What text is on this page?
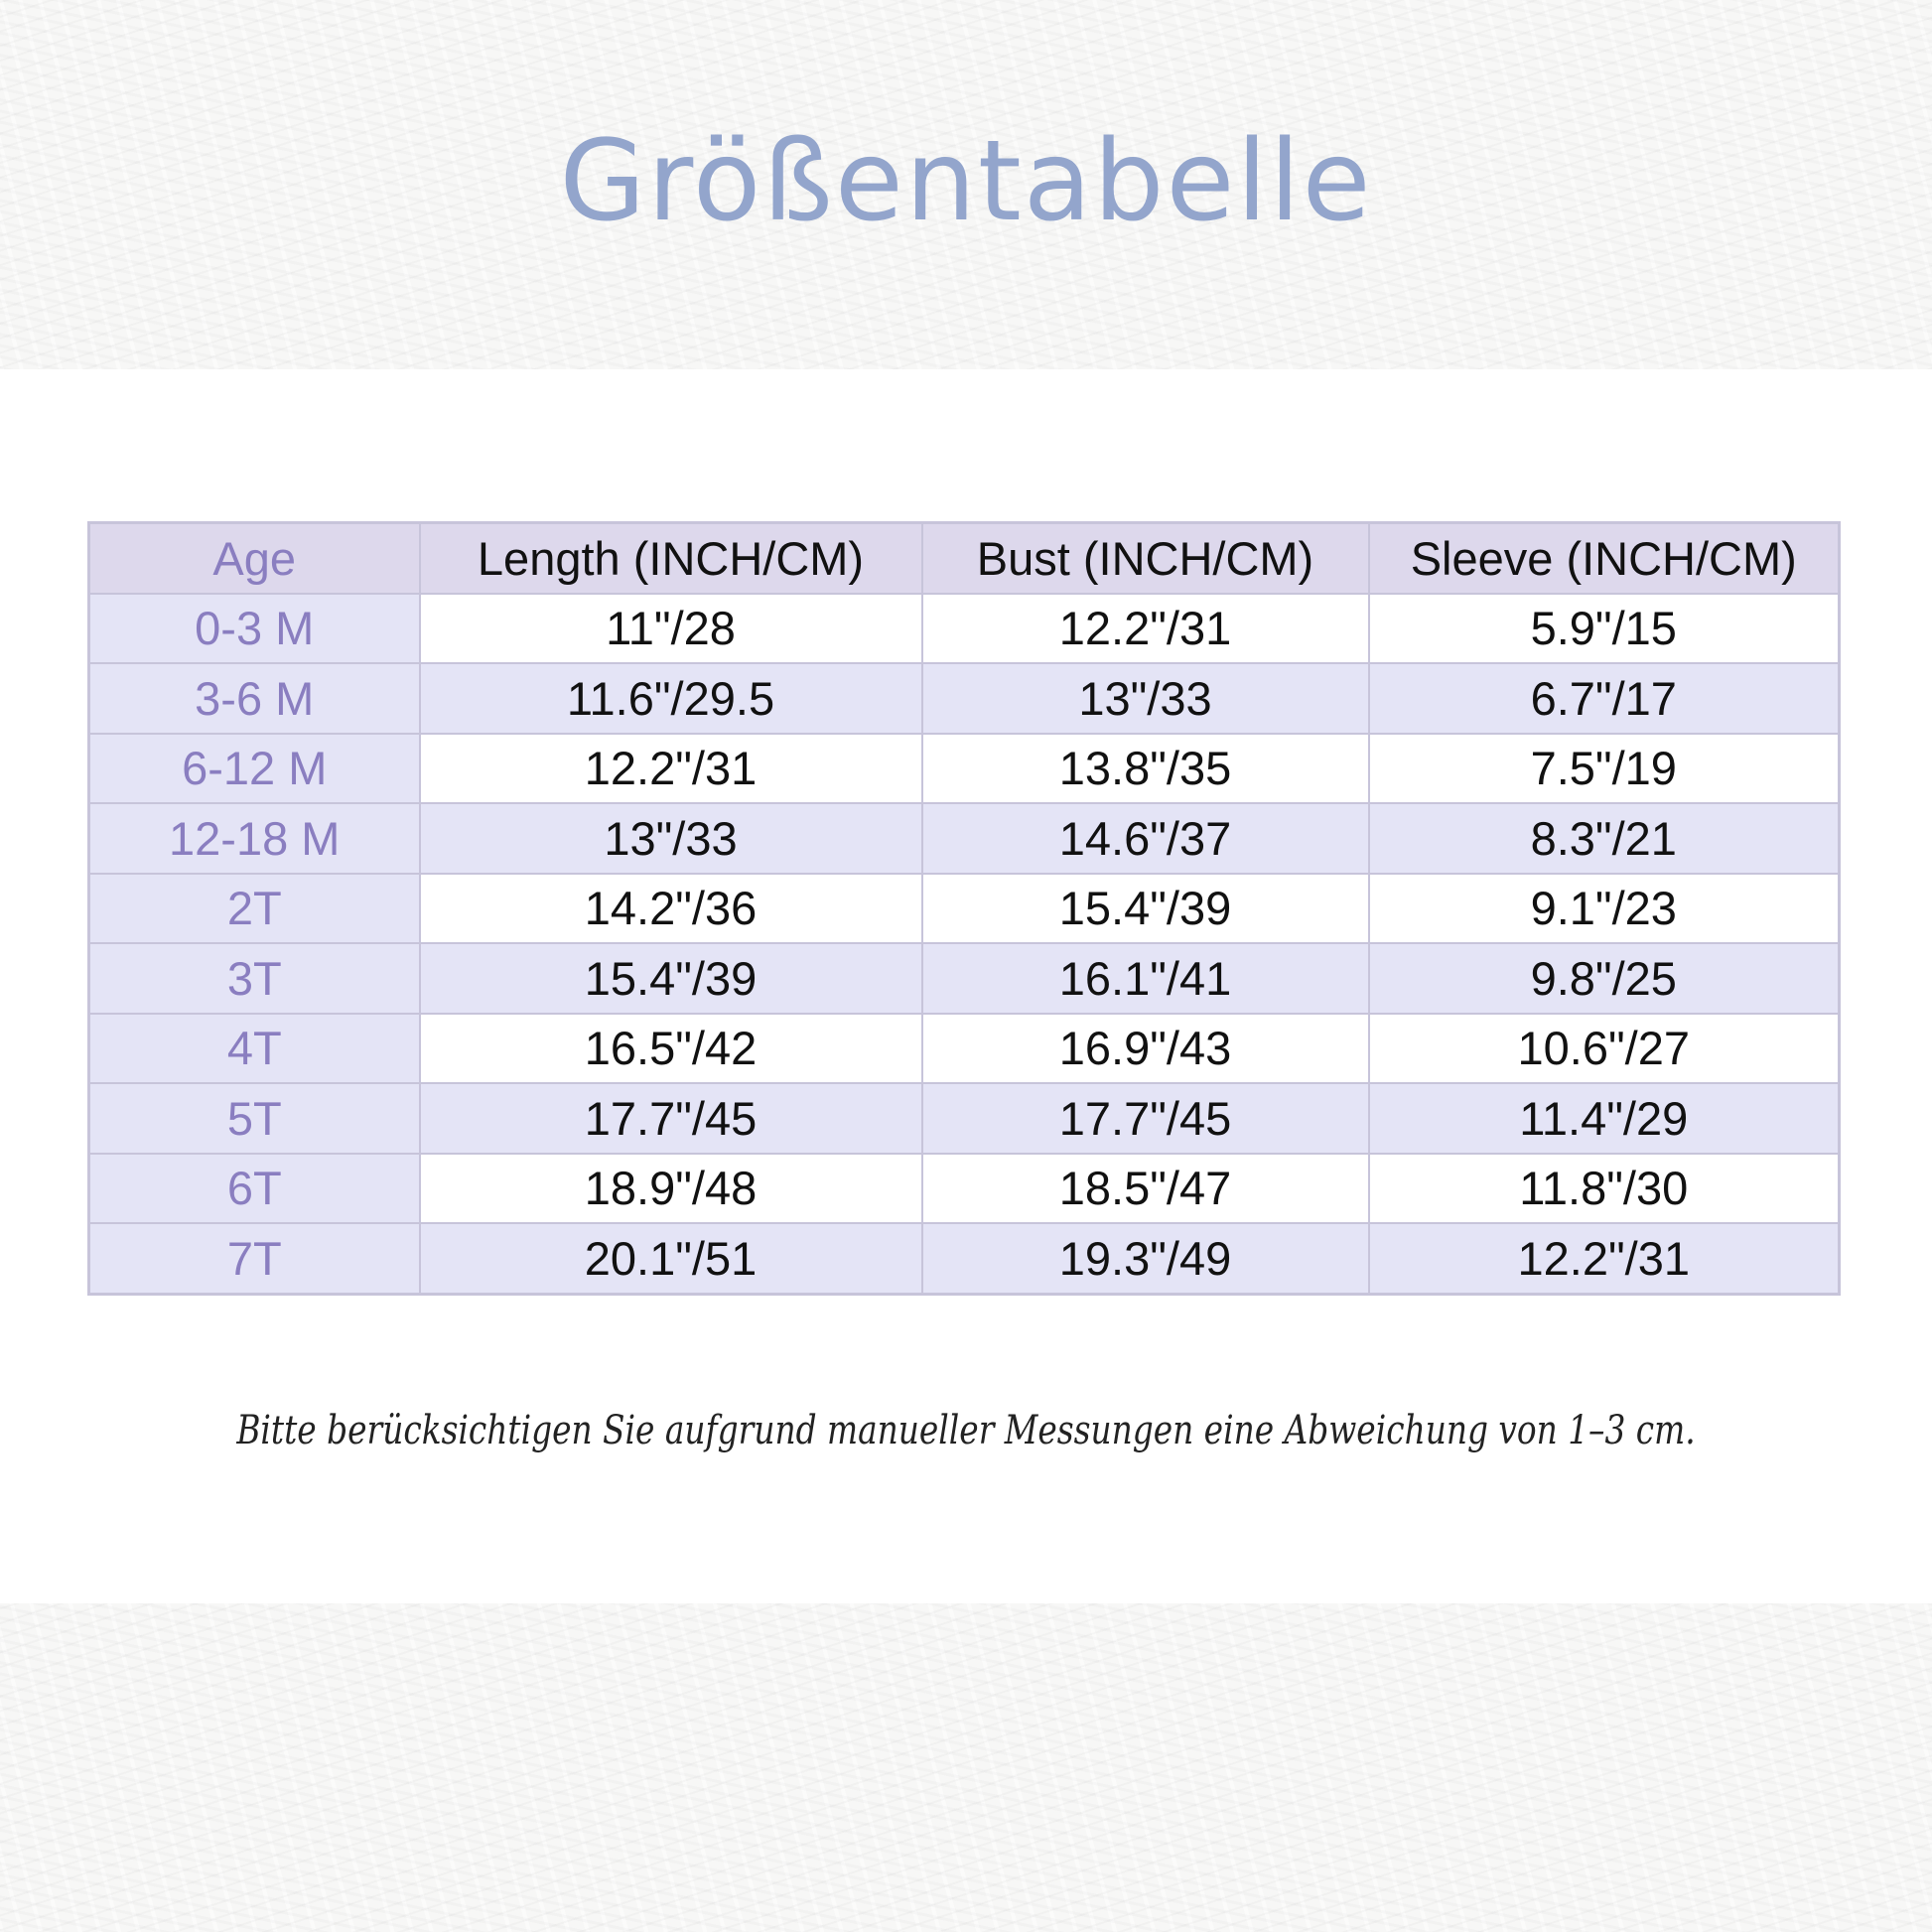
Größentabelle
Age	Length (INCH/CM)	Bust (INCH/CM)	Sleeve (INCH/CM)
0-3 M	11"/28	12.2"/31	5.9"/15
3-6 M	11.6"/29.5	13"/33	6.7"/17
6-12 M	12.2"/31	13.8"/35	7.5"/19
12-18 M	13"/33	14.6"/37	8.3"/21
2T	14.2"/36	15.4"/39	9.1"/23
3T	15.4"/39	16.1"/41	9.8"/25
4T	16.5"/42	16.9"/43	10.6"/27
5T	17.7"/45	17.7"/45	11.4"/29
6T	18.9"/48	18.5"/47	11.8"/30
7T	20.1"/51	19.3"/49	12.2"/31
Bitte berücksichtigen Sie aufgrund manueller Messungen eine Abweichung von 1–3 cm.
